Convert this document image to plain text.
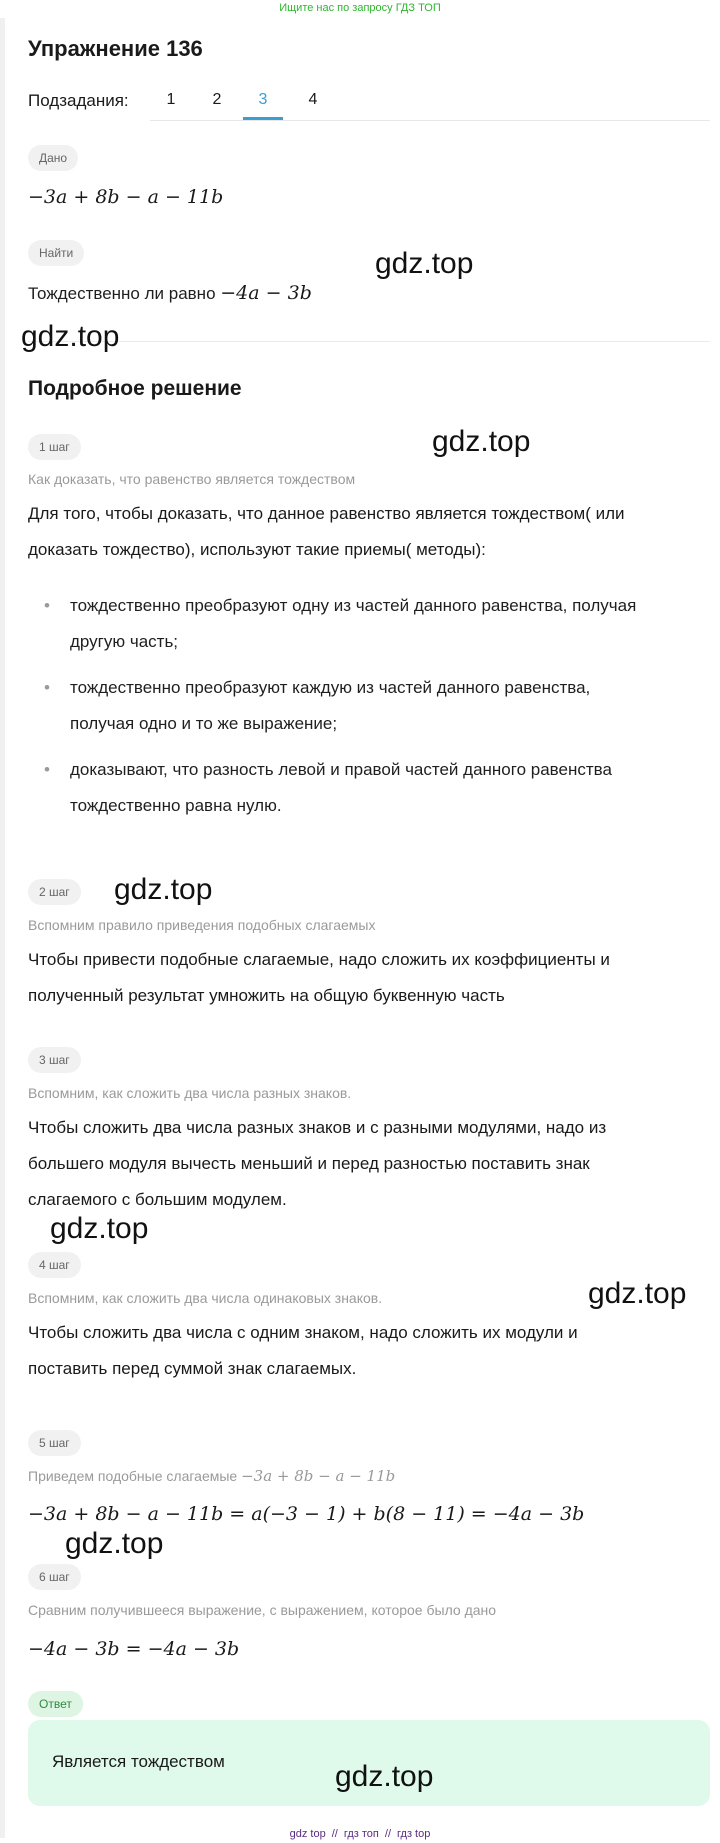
Ищите нас по запросу ГДЗ ТОП
Упражнение 136
Подзадания:	1	2	3	4
Дано
−3a + 8b − a − 11b
Найти
Тождественно ли равно −4a − 3b
Подробное решение
1 шаг
Как доказать, что равенство является тождеством
Для того, чтобы доказать, что данное равенство является тождеством( или
доказать тождество), используют такие приемы( методы):
• тождественно преобразуют одну из частей данного равенства, получая
другую часть;
• тождественно преобразуют каждую из частей данного равенства,
получая одно и то же выражение;
• доказывают, что разность левой и правой частей данного равенства
тождественно равна нулю.
2 шаг
Вспомним правило приведения подобных слагаемых
Чтобы привести подобные слагаемые, надо сложить их коэффициенты и
полученный результат умножить на общую буквенную часть
3 шаг
Вспомним, как сложить два числа разных знаков.
Чтобы сложить два числа разных знаков и с разными модулями, надо из
большего модуля вычесть меньший и перед разностью поставить знак
слагаемого с большим модулем.
4 шаг
Вспомним, как сложить два числа одинаковых знаков.
Чтобы сложить два числа с одним знаком, надо сложить их модули и
поставить перед суммой знак слагаемых.
5 шаг
Приведем подобные слагаемые −3a + 8b − a − 11b
−3a + 8b − a − 11b = a(−3 − 1) + b(8 − 11) = −4a − 3b
6 шаг
Сравним получившееся выражение, с выражением, которое было дано
−4a − 3b = −4a − 3b
Ответ
Является тождеством
gdz.top
gdz.top
gdz.top
gdz.top
gdz.top
gdz.top
gdz.top
gdz.top
gdz top // гдз топ // гдз top
